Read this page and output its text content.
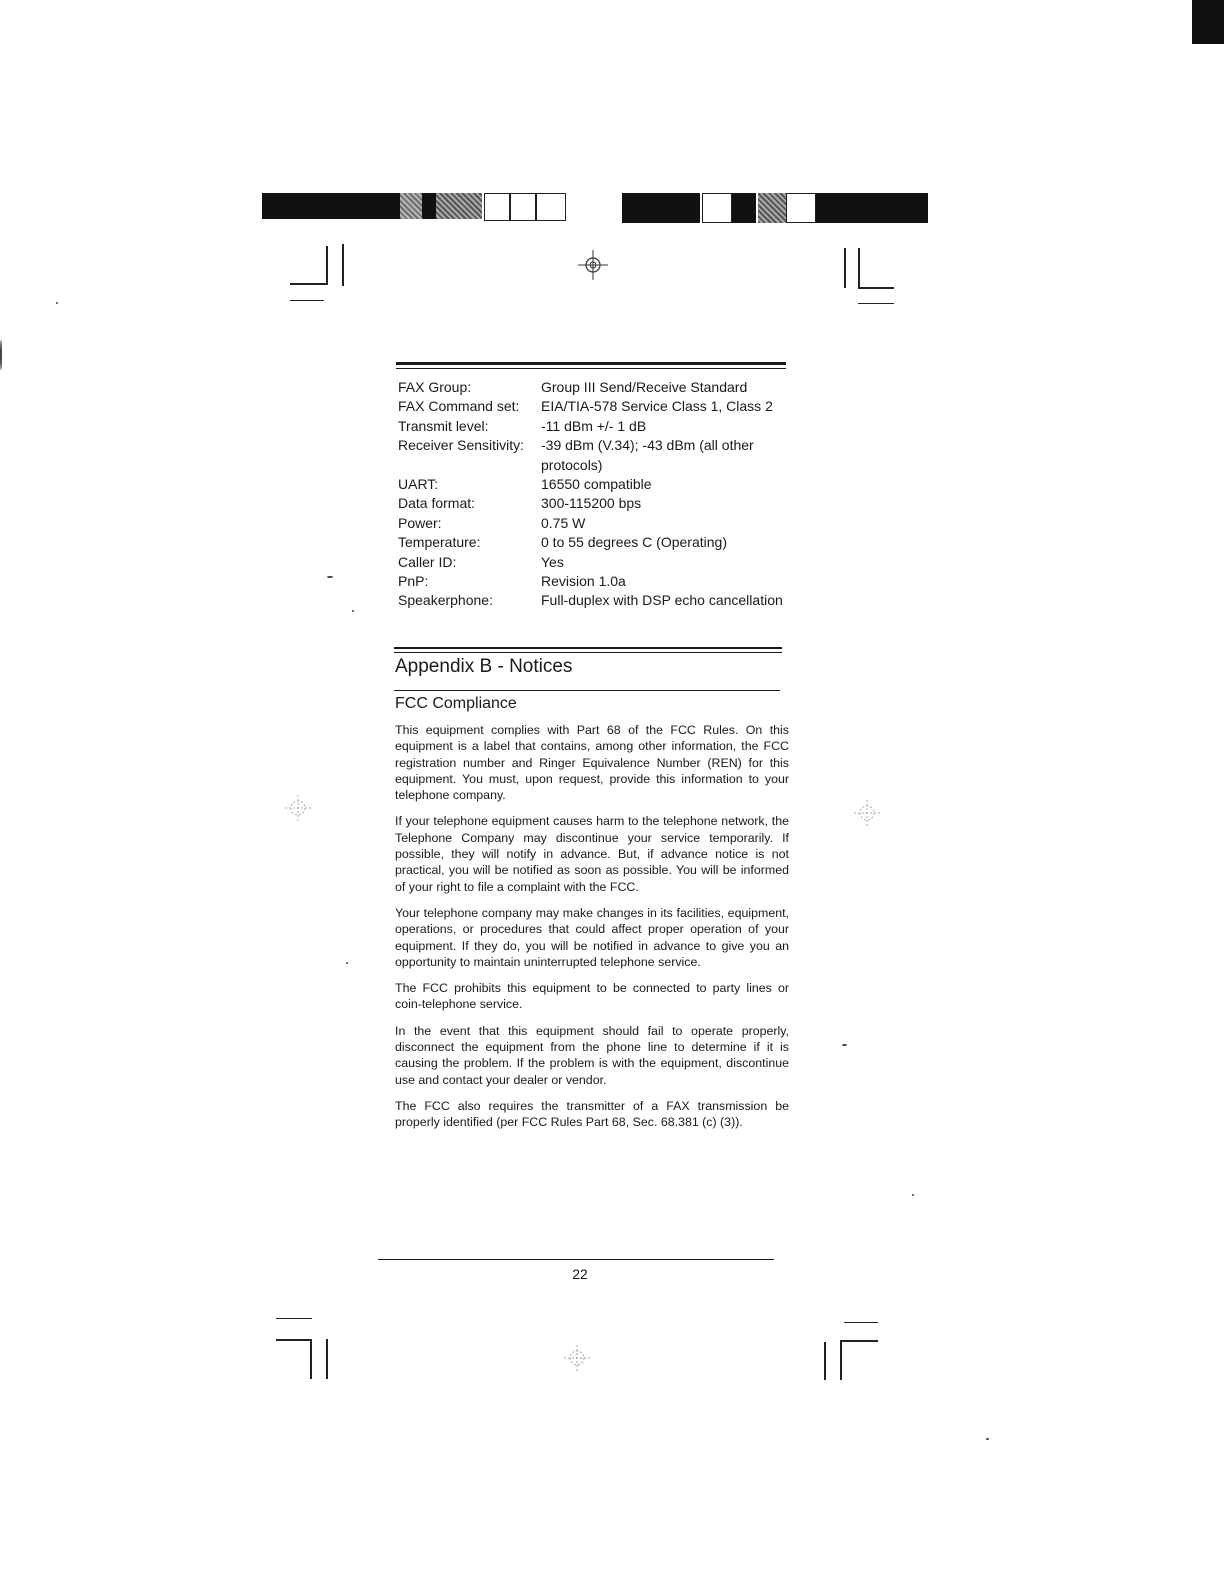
FAX Group:	Group III Send/Receive Standard
FAX Command set:	EIA/TIA-578 Service Class 1, Class 2
Transmit level:	-11 dBm +/- 1 dB
Receiver Sensitivity:	-39 dBm (V.34); -43 dBm (all other protocols)
UART:	16550 compatible
Data format:	300-115200 bps
Power:	0.75 W
Temperature:	0 to 55 degrees C (Operating)
Caller ID:	Yes
PnP:	Revision 1.0a
Speakerphone:	Full-duplex with DSP echo cancellation
Appendix B - Notices
FCC Compliance

This equipment complies with Part 68 of the FCC Rules. On this equipment is a label that contains, among other information, the FCC registration number and Ringer Equivalence Number (REN) for this equipment. You must, upon request, provide this information to your telephone company.

If your telephone equipment causes harm to the telephone network, the Telephone Company may discontinue your service temporarily. If possible, they will notify in advance. But, if advance notice is not practical, you will be notified as soon as possible. You will be informed of your right to file a complaint with the FCC.

Your telephone company may make changes in its facilities, equipment, operations, or procedures that could affect proper operation of your equipment. If they do, you will be notified in advance to give you an opportunity to maintain uninterrupted telephone service.

The FCC prohibits this equipment to be connected to party lines or coin-telephone service.

In the event that this equipment should fail to operate properly, disconnect the equipment from the phone line to determine if it is causing the problem. If the problem is with the equipment, discontinue use and contact your dealer or vendor.

The FCC also requires the transmitter of a FAX transmission be properly identified (per FCC Rules Part 68, Sec. 68.381 (c) (3)).

22
